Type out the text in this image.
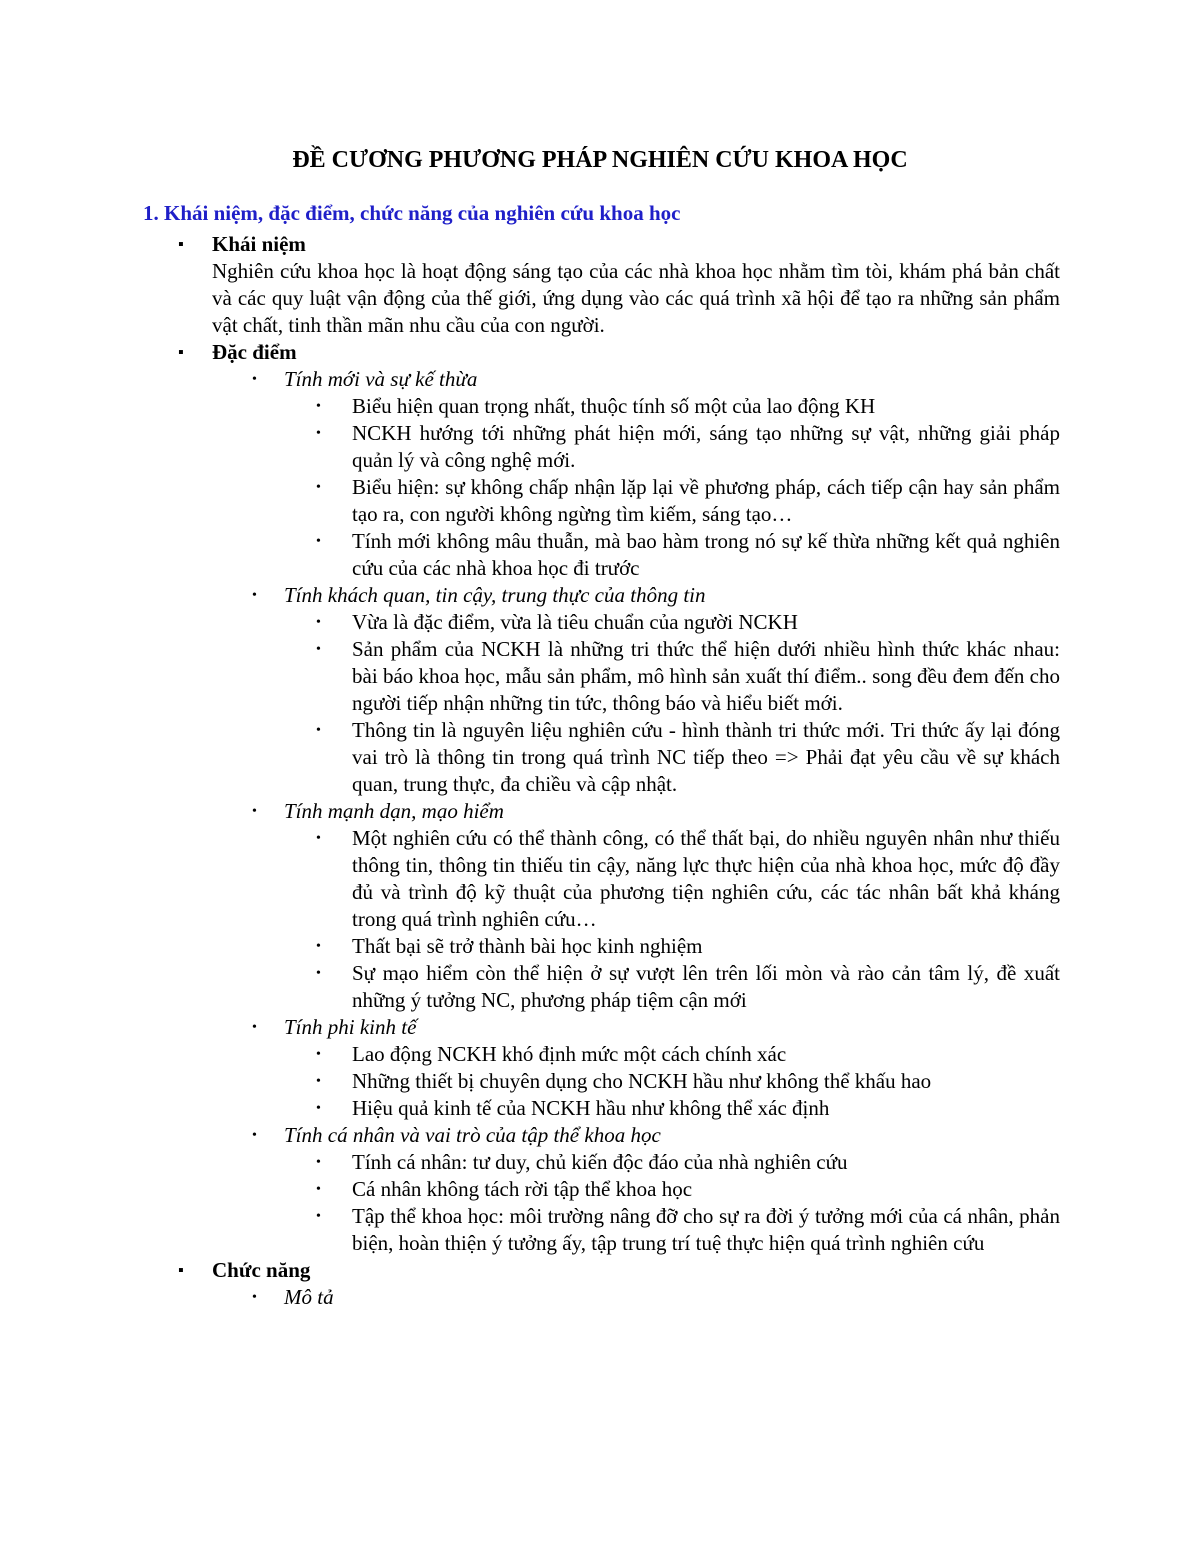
ĐỀ CƯƠNG PHƯƠNG PHÁP NGHIÊN CỨU KHOA HỌC
1. Khái niệm, đặc điểm, chức năng của nghiên cứu khoa học
▪ Khái niệm
Nghiên cứu khoa học là hoạt động sáng tạo của các nhà khoa học nhằm tìm tòi, khám phá bản chất và các quy luật vận động của thế giới, ứng dụng vào các quá trình xã hội để tạo ra những sản phẩm vật chất, tinh thần mãn nhu cầu của con người.
▪ Đặc điểm
• Tính mới và sự kế thừa
• Biểu hiện quan trọng nhất, thuộc tính số một của lao động KH
• NCKH hướng tới những phát hiện mới, sáng tạo những sự vật, những giải pháp quản lý và công nghệ mới.
• Biểu hiện: sự không chấp nhận lặp lại về phương pháp, cách tiếp cận hay sản phẩm tạo ra, con người không ngừng tìm kiếm, sáng tạo…
• Tính mới không mâu thuẫn, mà bao hàm trong nó sự kế thừa những kết quả nghiên cứu của các nhà khoa học đi trước
• Tính khách quan, tin cậy, trung thực của thông tin
• Vừa là đặc điểm, vừa là tiêu chuẩn của người NCKH
• Sản phẩm của NCKH là những tri thức thể hiện dưới nhiều hình thức khác nhau: bài báo khoa học, mẫu sản phẩm, mô hình sản xuất thí điểm.. song đều đem đến cho người tiếp nhận những tin tức, thông báo và hiểu biết mới.
• Thông tin là nguyên liệu nghiên cứu - hình thành tri thức mới. Tri thức ấy lại đóng vai trò là thông tin trong quá trình NC tiếp theo => Phải đạt yêu cầu về sự khách quan, trung thực, đa chiều và cập nhật.
• Tính mạnh dạn, mạo hiểm
• Một nghiên cứu có thể thành công, có thể thất bại, do nhiều nguyên nhân như thiếu thông tin, thông tin thiếu tin cậy, năng lực thực hiện của nhà khoa học, mức độ đầy đủ và trình độ kỹ thuật của phương tiện nghiên cứu, các tác nhân bất khả kháng trong quá trình nghiên cứu…
• Thất bại sẽ trở thành bài học kinh nghiệm
• Sự mạo hiểm còn thể hiện ở sự vượt lên trên lối mòn và rào cản tâm lý, đề xuất những ý tưởng NC, phương pháp tiệm cận mới
• Tính phi kinh tế
• Lao động NCKH khó định mức một cách chính xác
• Những thiết bị chuyên dụng cho NCKH hầu như không thể khấu hao
• Hiệu quả kinh tế của NCKH hầu như không thể xác định
• Tính cá nhân và vai trò của tập thể khoa học
• Tính cá nhân: tư duy, chủ kiến độc đáo của nhà nghiên cứu
• Cá nhân không tách rời tập thể khoa học
• Tập thể khoa học: môi trường nâng đỡ cho sự ra đời ý tưởng mới của cá nhân, phản biện, hoàn thiện ý tưởng ấy, tập trung trí tuệ thực hiện quá trình nghiên cứu
▪ Chức năng
• Mô tả
